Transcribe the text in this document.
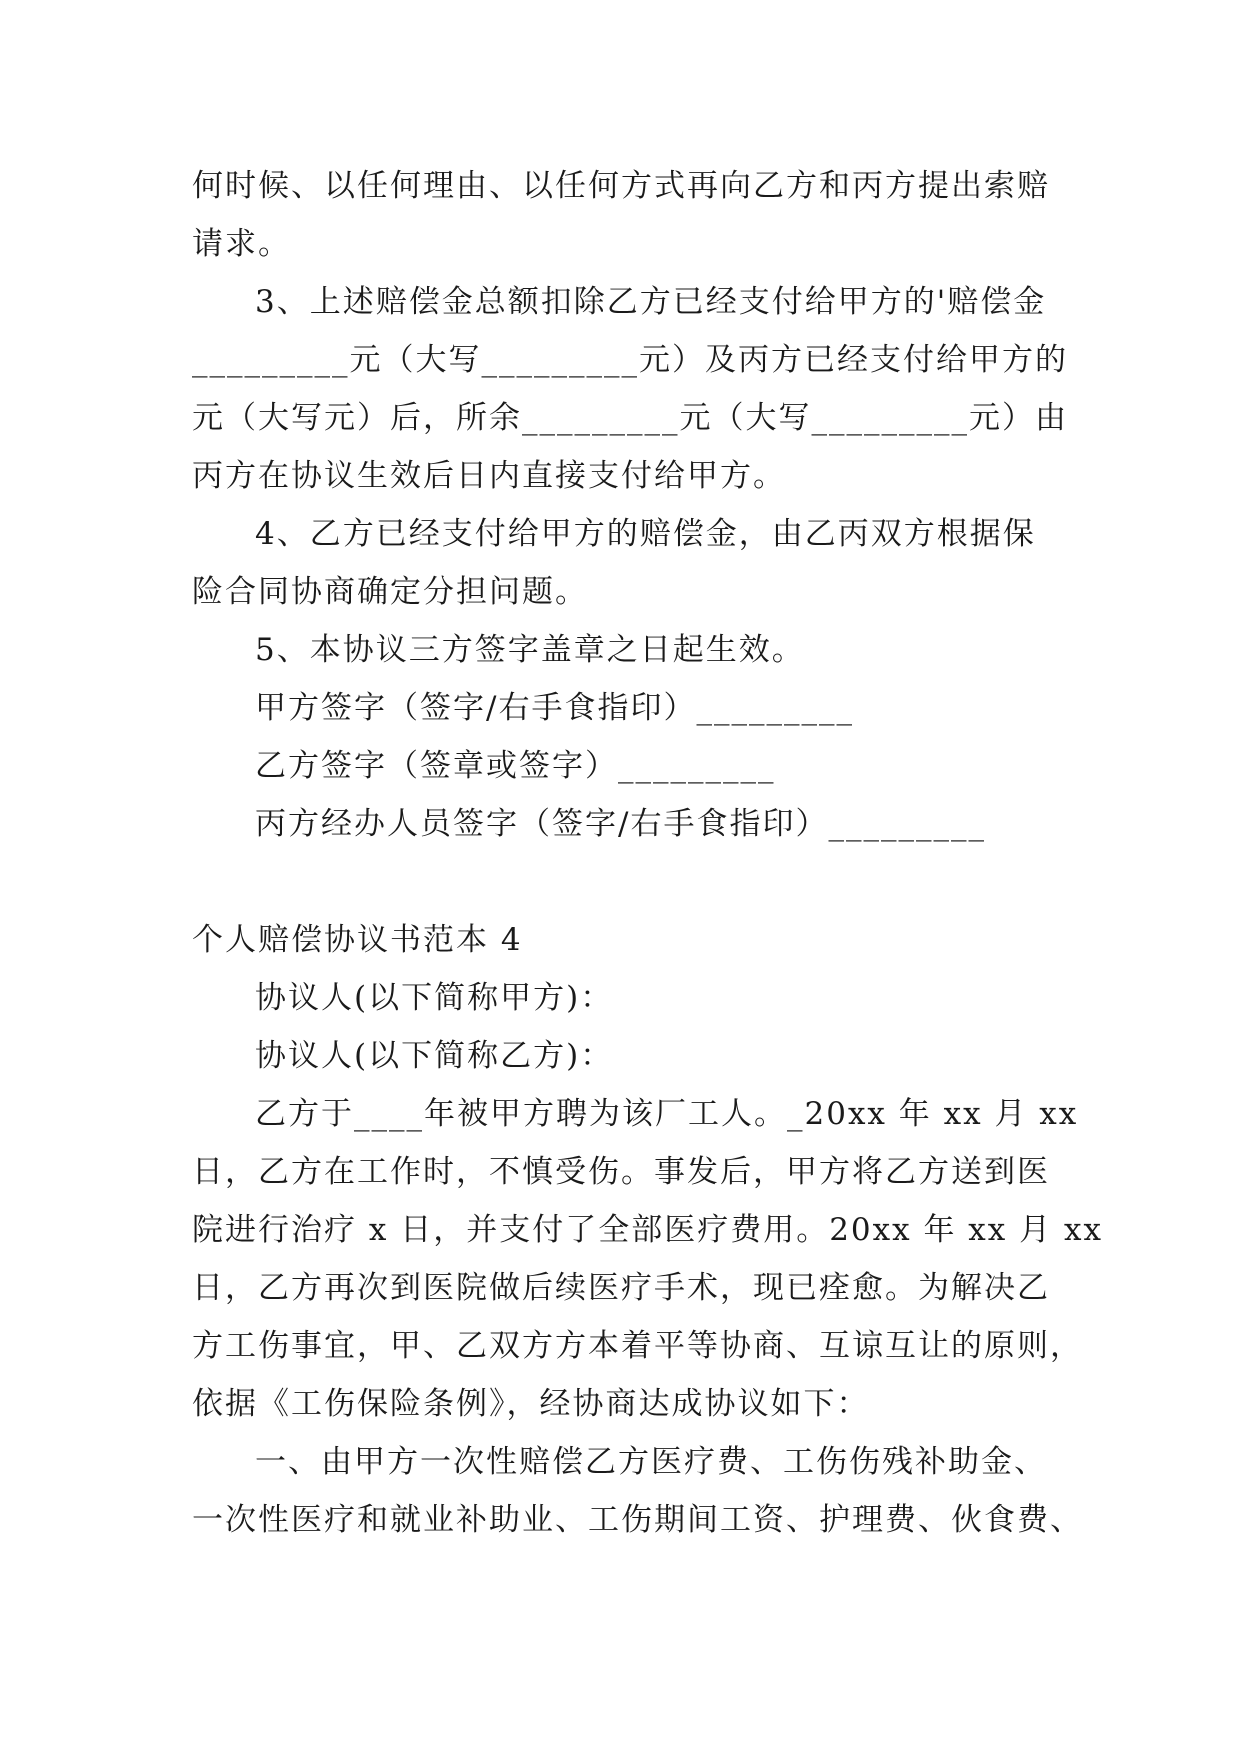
何时候、以任何理由、以任何方式再向乙方和丙方提出索赔
请求。
3、上述赔偿金总额扣除乙方已经支付给甲方的'赔偿金
_________元（大写_________元）及丙方已经支付给甲方的
元（大写元）后，所余_________元（大写_________元）由
丙方在协议生效后日内直接支付给甲方。
4、乙方已经支付给甲方的赔偿金，由乙丙双方根据保
险合同协商确定分担问题。
5、本协议三方签字盖章之日起生效。
甲方签字（签字/右手食指印）_________
乙方签字（签章或签字）_________
丙方经办人员签字（签字/右手食指印）_________
个人赔偿协议书范本 4
协议人(以下简称甲方)：
协议人(以下简称乙方)：
乙方于____年被甲方聘为该厂工人。_20xx 年 xx 月 xx
日，乙方在工作时，不慎受伤。事发后，甲方将乙方送到医
院进行治疗 x 日，并支付了全部医疗费用。20xx 年 xx 月 xx
日，乙方再次到医院做后续医疗手术，现已痊愈。为解决乙
方工伤事宜，甲、乙双方方本着平等协商、互谅互让的原则，
依据《工伤保险条例》，经协商达成协议如下：
一、由甲方一次性赔偿乙方医疗费、工伤伤残补助金、
一次性医疗和就业补助业、工伤期间工资、护理费、伙食费、
